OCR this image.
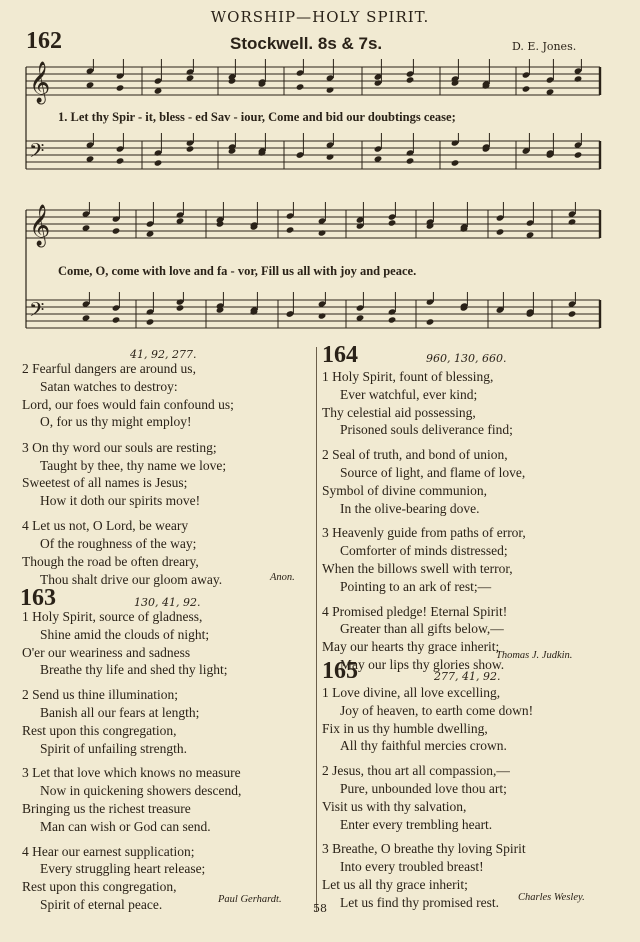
WORSHIP—HOLY SPIRIT.
162	Stockwell. 8s & 7s.	D. E. Jones.
𝄞
𝄢
1. Let thy Spir - it, bless - ed Sav - iour, Come and bid our doubtings cease;
𝄞
𝄢
Come, O, come with love and fa - vor, Fill us all with joy and peace.
41, 92, 277.
2 Fearful dangers are around us,
Satan watches to destroy:
Lord, our foes would fain confound us;
O, for us thy might employ!
3 On thy word our souls are resting;
Taught by thee, thy name we love;
Sweetest of all names is Jesus;
How it doth our spirits move!
4 Let us not, O Lord, be weary
Of the roughness of the way;
Though the road be often dreary,
Thou shalt drive our gloom away.	Anon.
163	130, 41, 92.
1 Holy Spirit, source of gladness,
Shine amid the clouds of night;
O'er our weariness and sadness
Breathe thy life and shed thy light;
2 Send us thine illumination;
Banish all our fears at length;
Rest upon this congregation,
Spirit of unfailing strength.
3 Let that love which knows no measure
Now in quickening showers descend,
Bringing us the richest treasure
Man can wish or God can send.
4 Hear our earnest supplication;
Every struggling heart release;
Rest upon this congregation,
Spirit of eternal peace.	Paul Gerhardt.
164	960, 130, 660.
1 Holy Spirit, fount of blessing,
Ever watchful, ever kind;
Thy celestial aid possessing,
Prisoned souls deliverance find;
2 Seal of truth, and bond of union,
Source of light, and flame of love,
Symbol of divine communion,
In the olive-bearing dove.
3 Heavenly guide from paths of error,
Comforter of minds distressed;
When the billows swell with terror,
Pointing to an ark of rest;—
4 Promised pledge! Eternal Spirit!
Greater than all gifts below,—
May our hearts thy grace inherit;
May our lips thy glories show.
Thomas J. Judkin.
165	277, 41, 92.
1 Love divine, all love excelling,
Joy of heaven, to earth come down!
Fix in us thy humble dwelling,
All thy faithful mercies crown.
2 Jesus, thou art all compassion,—
Pure, unbounded love thou art;
Visit us with thy salvation,
Enter every trembling heart.
3 Breathe, O breathe thy loving Spirit
Into every troubled breast!
Let us all thy grace inherit;
Let us find thy promised rest. Charles Wesley.
58
